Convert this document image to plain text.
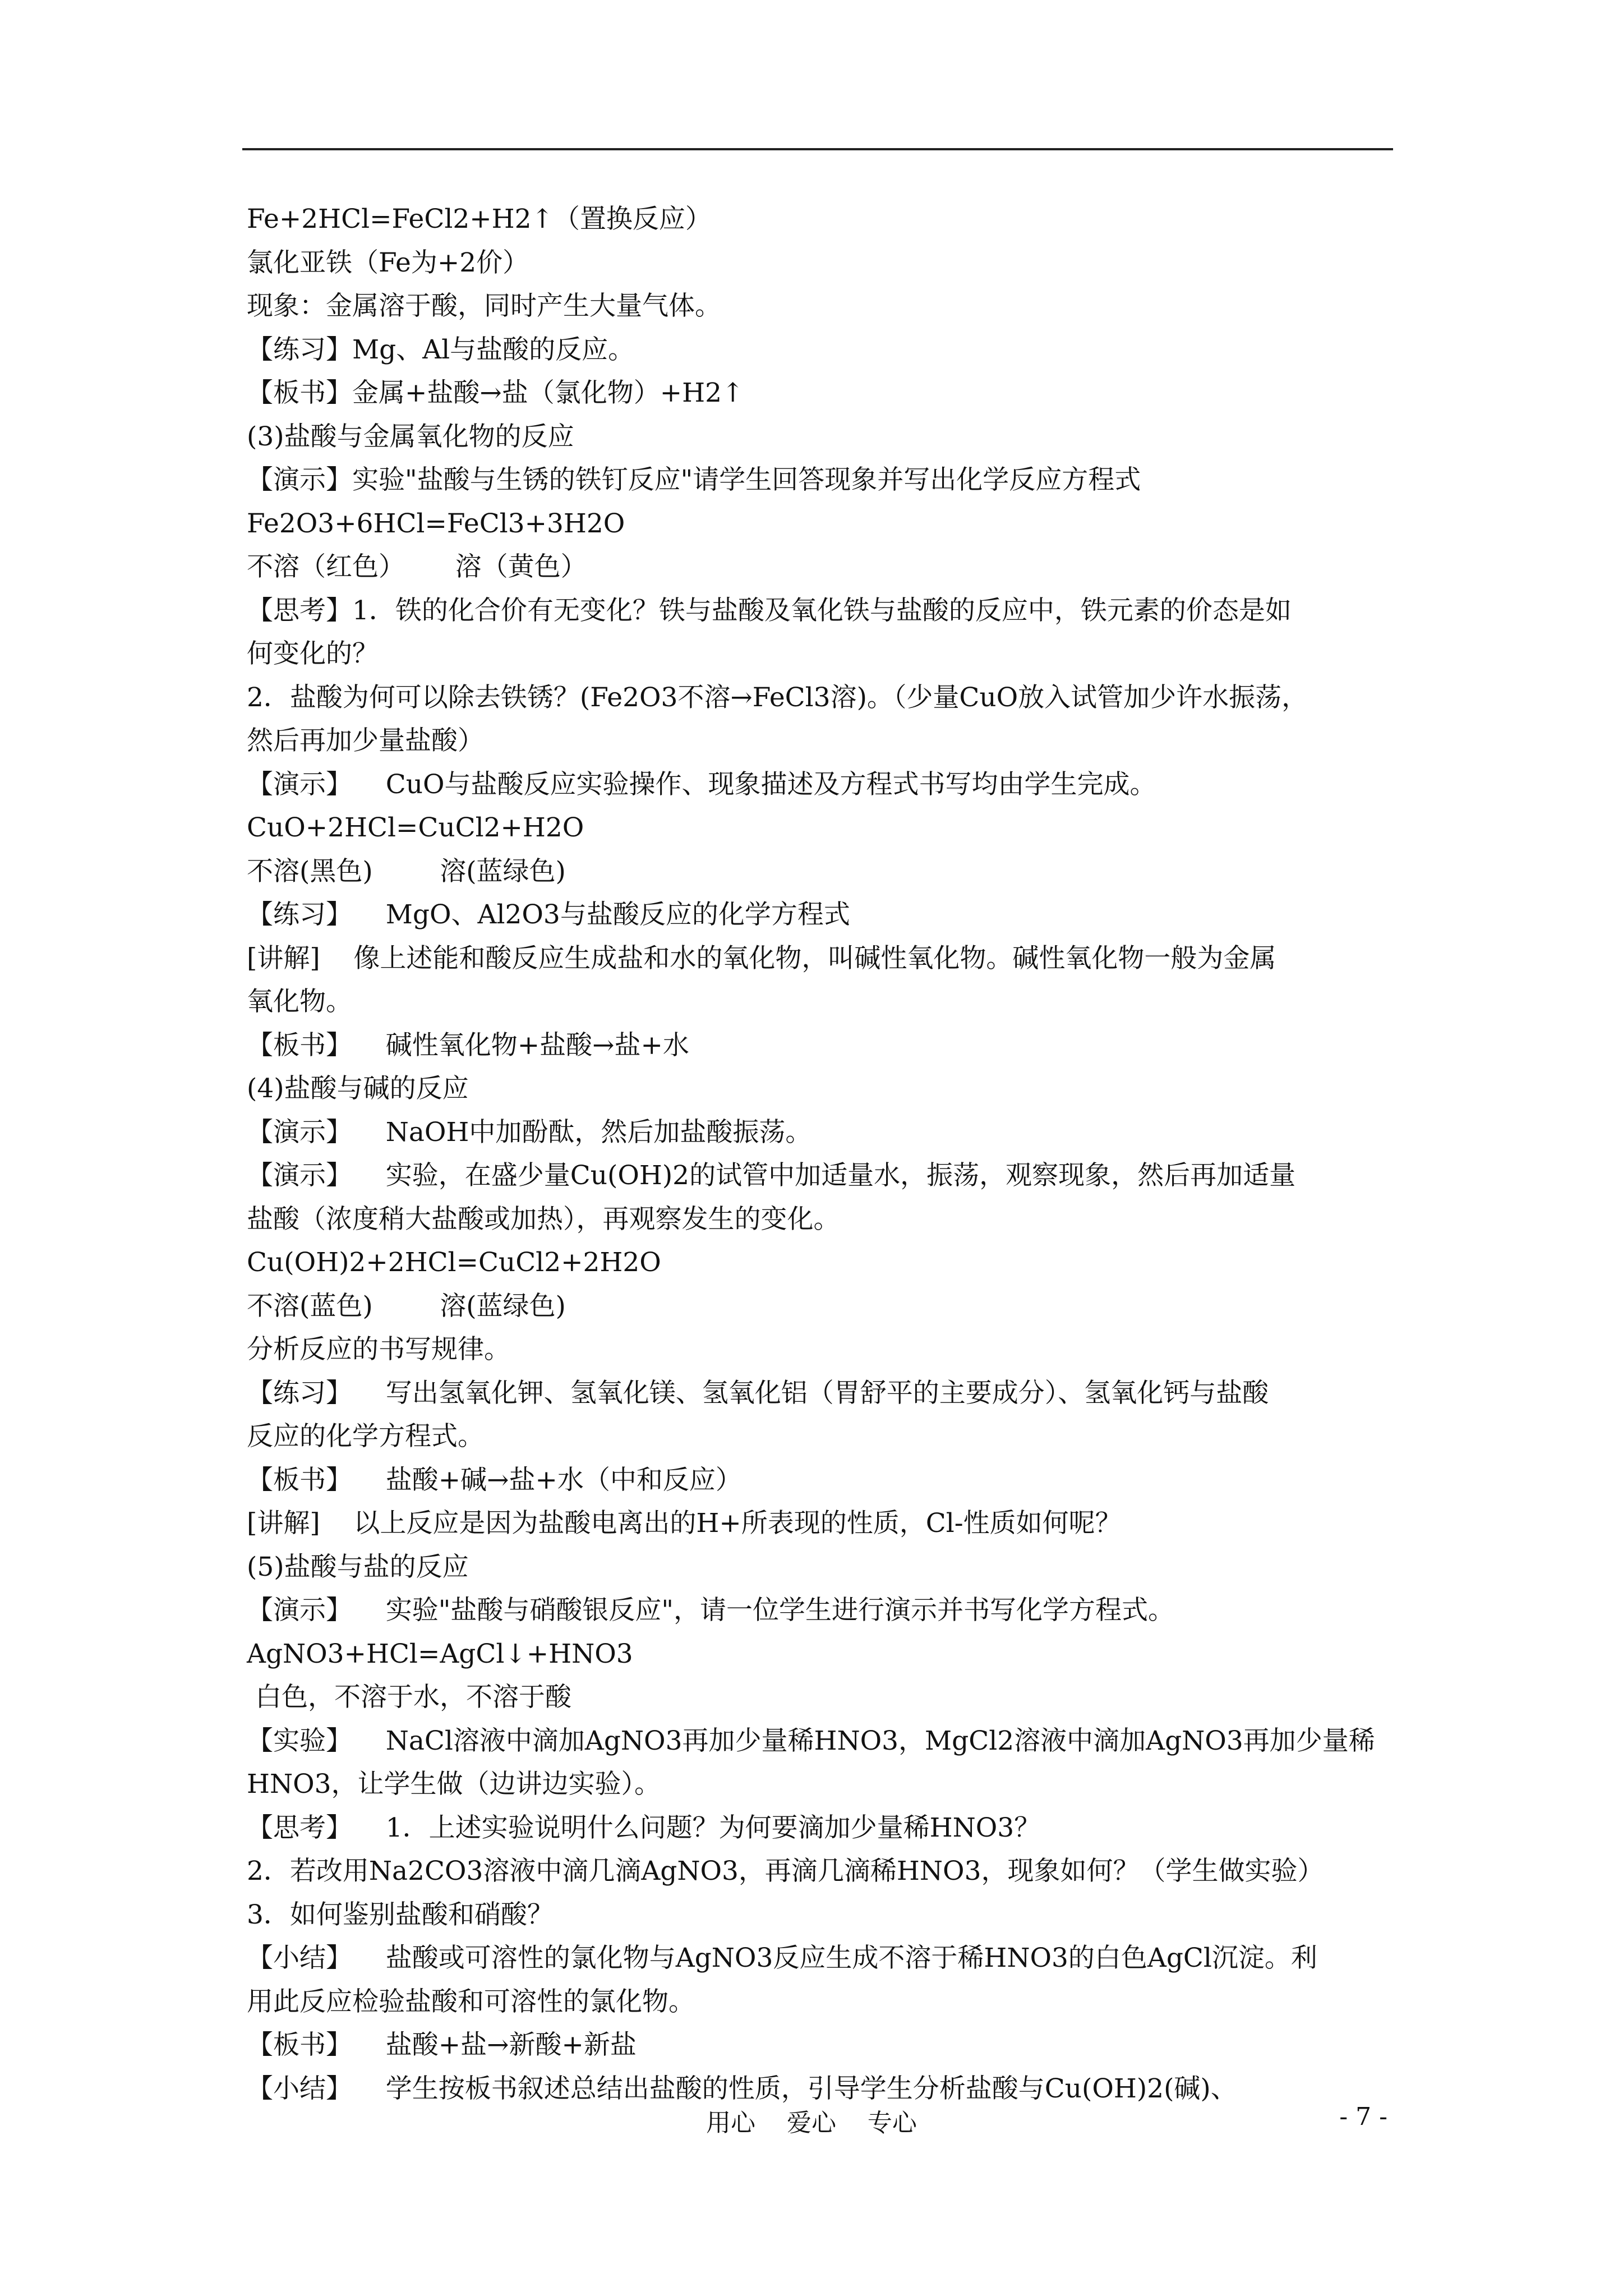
Fe+2HCl=FeCl2+H2↑（置换反应）
氯化亚铁（Fe为+2价）
现象：金属溶于酸，同时产生大量气体。
【练习】Mg、Al与盐酸的反应。
【板书】金属+盐酸→盐（氯化物）+H2↑
(3)盐酸与金属氧化物的反应
【演示】实验"盐酸与生锈的铁钉反应"请学生回答现象并写出化学反应方程式
Fe2O3+6HCl=FeCl3+3H2O
不溶（红色）      溶（黄色）
【思考】1．铁的化合价有无变化？铁与盐酸及氧化铁与盐酸的反应中，铁元素的价态是如
何变化的？
2．盐酸为何可以除去铁锈？(Fe2O3不溶→FeCl3溶)。（少量CuO放入试管加少许水振荡，
然后再加少量盐酸）
【演示】    CuO与盐酸反应实验操作、现象描述及方程式书写均由学生完成。
CuO+2HCl=CuCl2+H2O
不溶(黑色)        溶(蓝绿色)
【练习】    MgO、Al2O3与盐酸反应的化学方程式
[讲解]    像上述能和酸反应生成盐和水的氧化物，叫碱性氧化物。碱性氧化物一般为金属
氧化物。
【板书】    碱性氧化物+盐酸→盐+水
(4)盐酸与碱的反应
【演示】    NaOH中加酚酞，然后加盐酸振荡。
【演示】    实验，在盛少量Cu(OH)2的试管中加适量水，振荡，观察现象，然后再加适量
盐酸（浓度稍大盐酸或加热），再观察发生的变化。
Cu(OH)2+2HCl=CuCl2+2H2O
不溶(蓝色)        溶(蓝绿色)
分析反应的书写规律。
【练习】    写出氢氧化钾、氢氧化镁、氢氧化铝（胃舒平的主要成分）、氢氧化钙与盐酸
反应的化学方程式。
【板书】    盐酸+碱→盐+水（中和反应）
[讲解]    以上反应是因为盐酸电离出的H+所表现的性质，Cl-性质如何呢？
(5)盐酸与盐的反应
【演示】    实验"盐酸与硝酸银反应"，请一位学生进行演示并书写化学方程式。
AgNO3+HCl=AgCl↓+HNO3
白色，不溶于水，不溶于酸
【实验】    NaCl溶液中滴加AgNO3再加少量稀HNO3，MgCl2溶液中滴加AgNO3再加少量稀
HNO3，让学生做（边讲边实验）。
【思考】    1．上述实验说明什么问题？为何要滴加少量稀HNO3？
2．若改用Na2CO3溶液中滴几滴AgNO3，再滴几滴稀HNO3，现象如何？（学生做实验）
3．如何鉴别盐酸和硝酸？
【小结】    盐酸或可溶性的氯化物与AgNO3反应生成不溶于稀HNO3的白色AgCl沉淀。利
用此反应检验盐酸和可溶性的氯化物。
【板书】    盐酸+盐→新酸+新盐
【小结】    学生按板书叙述总结出盐酸的性质，引导学生分析盐酸与Cu(OH)2(碱)、
用心    爱心    专心	- 7 -
